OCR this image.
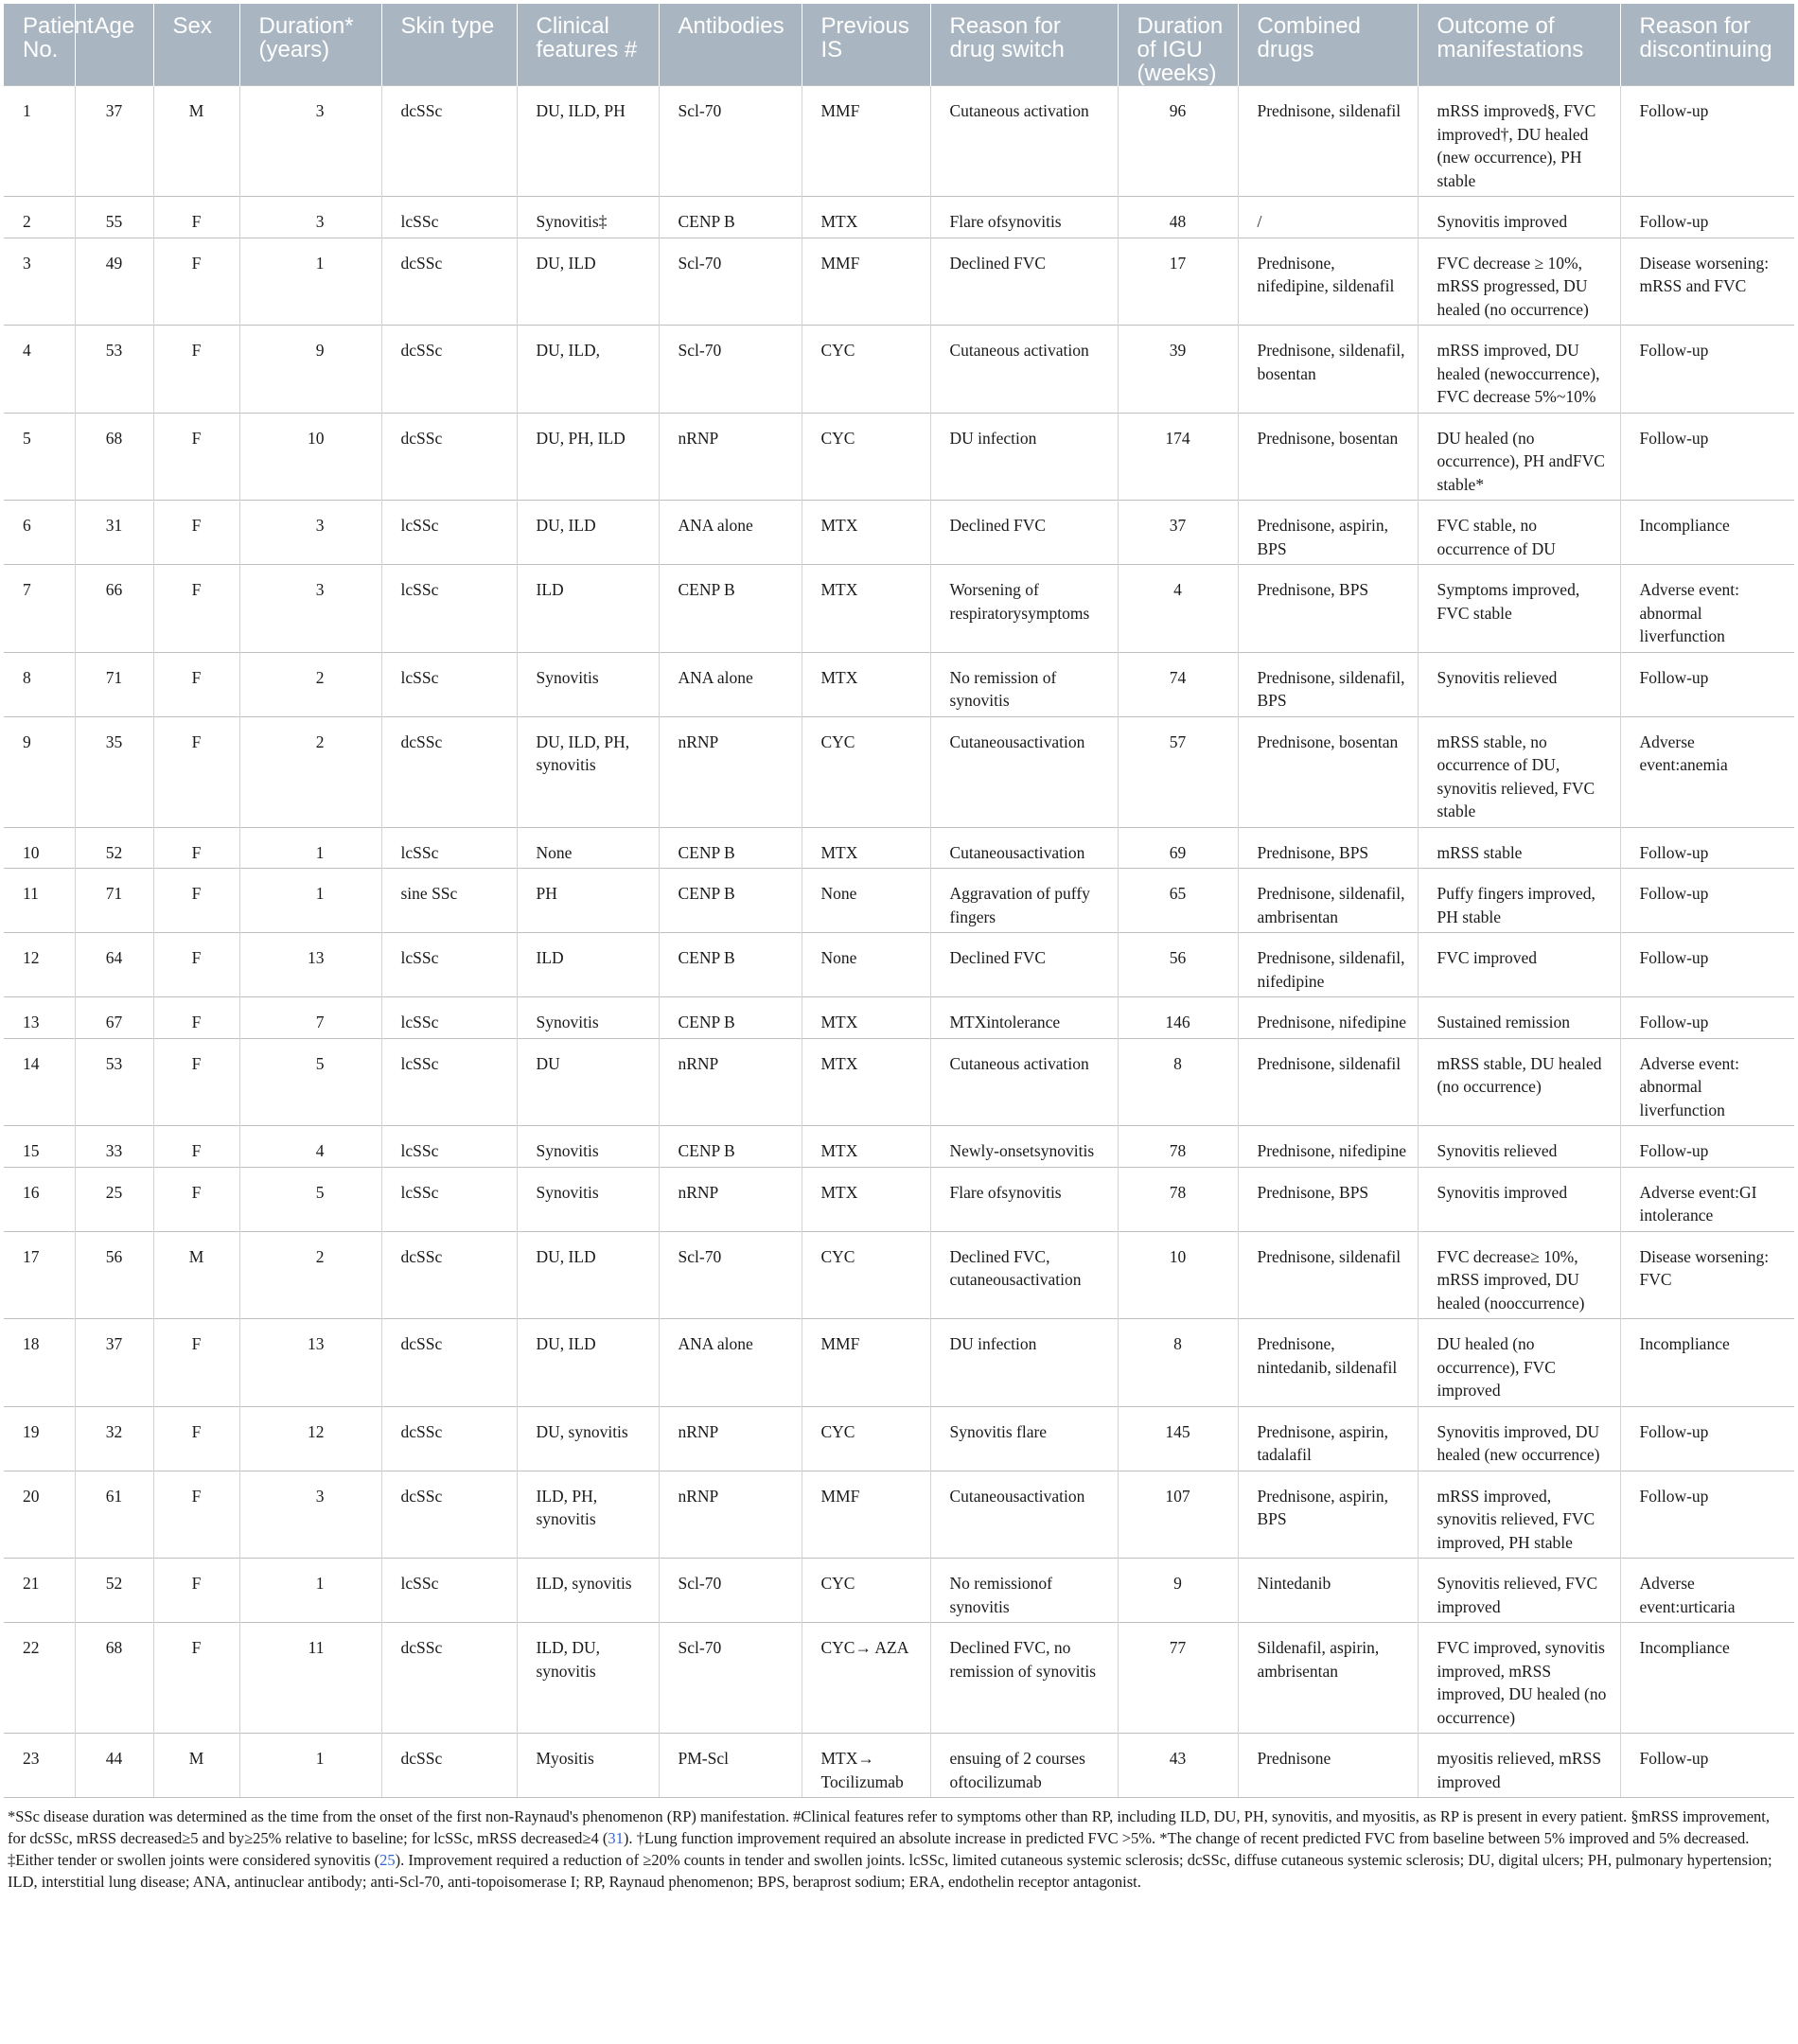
Patient No.	Age	Sex	Duration* (years)	Skin type	Clinical features #	Antibodies	Previous IS	Reason for drug switch	Duration of IGU (weeks)	Combined drugs	Outcome of manifestations	Reason for discontinuing
1	37	M	3	dcSSc	DU, ILD, PH	Scl-70	MMF	Cutaneous activation	96	Prednisone, sildenafil	mRSS improved§, FVC improved†, DU healed (new occurrence), PH stable	Follow-up
2	55	F	3	lcSSc	Synovitis‡	CENP B	MTX	Flare ofsynovitis	48	/	Synovitis improved	Follow-up
3	49	F	1	dcSSc	DU, ILD	Scl-70	MMF	Declined FVC	17	Prednisone, nifedipine, sildenafil	FVC decrease ≥ 10%, mRSS progressed, DU healed (no occurrence)	Disease worsening: mRSS and FVC
4	53	F	9	dcSSc	DU, ILD,	Scl-70	CYC	Cutaneous activation	39	Prednisone, sildenafil, bosentan	mRSS improved, DU healed (newoccurrence), FVC decrease 5%~10%	Follow-up
5	68	F	10	dcSSc	DU, PH, ILD	nRNP	CYC	DU infection	174	Prednisone, bosentan	DU healed (no occurrence), PH andFVC stable*	Follow-up
6	31	F	3	lcSSc	DU, ILD	ANA alone	MTX	Declined FVC	37	Prednisone, aspirin, BPS	FVC stable, no occurrence of DU	Incompliance
7	66	F	3	lcSSc	ILD	CENP B	MTX	Worsening of respiratorysymptoms	4	Prednisone, BPS	Symptoms improved, FVC stable	Adverse event: abnormal liverfunction
8	71	F	2	lcSSc	Synovitis	ANA alone	MTX	No remission of synovitis	74	Prednisone, sildenafil, BPS	Synovitis relieved	Follow-up
9	35	F	2	dcSSc	DU, ILD, PH, synovitis	nRNP	CYC	Cutaneousactivation	57	Prednisone, bosentan	mRSS stable, no occurrence of DU, synovitis relieved, FVC stable	Adverse event:anemia
10	52	F	1	lcSSc	None	CENP B	MTX	Cutaneousactivation	69	Prednisone, BPS	mRSS stable	Follow-up
11	71	F	1	sine SSc	PH	CENP B	None	Aggravation of puffy fingers	65	Prednisone, sildenafil, ambrisentan	Puffy fingers improved, PH stable	Follow-up
12	64	F	13	lcSSc	ILD	CENP B	None	Declined FVC	56	Prednisone, sildenafil, nifedipine	FVC improved	Follow-up
13	67	F	7	lcSSc	Synovitis	CENP B	MTX	MTXintolerance	146	Prednisone, nifedipine	Sustained remission	Follow-up
14	53	F	5	lcSSc	DU	nRNP	MTX	Cutaneous activation	8	Prednisone, sildenafil	mRSS stable, DU healed (no occurrence)	Adverse event: abnormal liverfunction
15	33	F	4	lcSSc	Synovitis	CENP B	MTX	Newly-onsetsynovitis	78	Prednisone, nifedipine	Synovitis relieved	Follow-up
16	25	F	5	lcSSc	Synovitis	nRNP	MTX	Flare ofsynovitis	78	Prednisone, BPS	Synovitis improved	Adverse event:GI intolerance
17	56	M	2	dcSSc	DU, ILD	Scl-70	CYC	Declined FVC, cutaneousactivation	10	Prednisone, sildenafil	FVC decrease≥ 10%, mRSS improved, DU healed (nooccurrence)	Disease worsening: FVC
18	37	F	13	dcSSc	DU, ILD	ANA alone	MMF	DU infection	8	Prednisone, nintedanib, sildenafil	DU healed (no occurrence), FVC improved	Incompliance
19	32	F	12	dcSSc	DU, synovitis	nRNP	CYC	Synovitis flare	145	Prednisone, aspirin, tadalafil	Synovitis improved, DU healed (new occurrence)	Follow-up
20	61	F	3	dcSSc	ILD, PH, synovitis	nRNP	MMF	Cutaneousactivation	107	Prednisone, aspirin, BPS	mRSS improved, synovitis relieved, FVC improved, PH stable	Follow-up
21	52	F	1	lcSSc	ILD, synovitis	Scl-70	CYC	No remissionof synovitis	9	Nintedanib	Synovitis relieved, FVC improved	Adverse event:urticaria
22	68	F	11	dcSSc	ILD, DU, synovitis	Scl-70	CYC→ AZA	Declined FVC, no remission of synovitis	77	Sildenafil, aspirin, ambrisentan	FVC improved, synovitis improved, mRSS improved, DU healed (no occurrence)	Incompliance
23	44	M	1	dcSSc	Myositis	PM-Scl	MTX→ Tocilizumab	ensuing of 2 courses oftocilizumab	43	Prednisone	myositis relieved, mRSS improved	Follow-up
*SSc disease duration was determined as the time from the onset of the first non-Raynaud's phenomenon (RP) manifestation. #Clinical features refer to symptoms other than RP, including ILD, DU, PH, synovitis, and myositis, as RP is present in every patient. §mRSS improvement, for dcSSc, mRSS decreased≥5 and by≥25% relative to baseline; for lcSSc, mRSS decreased≥4 (31). †Lung function improvement required an absolute increase in predicted FVC >5%. *The change of recent predicted FVC from baseline between 5% improved and 5% decreased. ‡Either tender or swollen joints were considered synovitis (25). Improvement required a reduction of ≥20% counts in tender and swollen joints. lcSSc, limited cutaneous systemic sclerosis; dcSSc, diffuse cutaneous systemic sclerosis; DU, digital ulcers; PH, pulmonary hypertension; ILD, interstitial lung disease; ANA, antinuclear antibody; anti-Scl-70, anti-topoisomerase I; RP, Raynaud phenomenon; BPS, beraprost sodium; ERA, endothelin receptor antagonist.
